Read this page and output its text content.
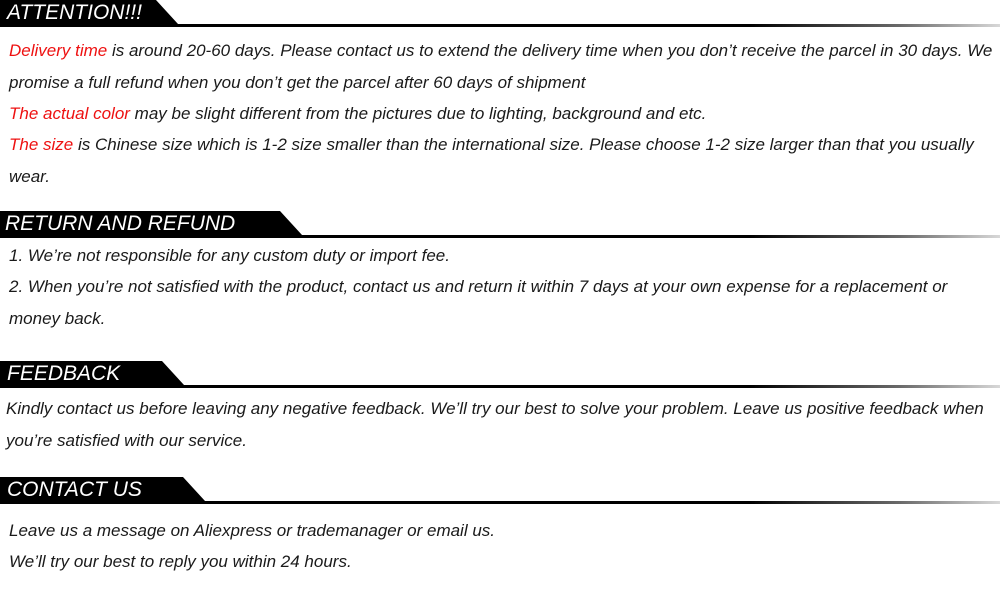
ATTENTION!!!

Delivery time is around 20-60 days. Please contact us to extend the delivery time when you don’t receive the parcel in 30 days. We promise a full refund when you don’t get the parcel after 60 days of shipment

The actual color may be slight different from the pictures due to lighting, background and etc.

The size is Chinese size which is 1-2 size smaller than the international size. Please choose 1-2 size larger than that you usually wear.

RETURN AND REFUND

1. We’re not responsible for any custom duty or import fee.

2. When you’re not satisfied with the product, contact us and return it within 7 days at your own expense for a replacement or money back.

FEEDBACK

Kindly contact us before leaving any negative feedback. We’ll try our best to solve your problem. Leave us positive feedback when you’re satisfied with our service.

CONTACT US

Leave us a message on Aliexpress or trademanager or email us.

We’ll try our best to reply you within 24 hours.
